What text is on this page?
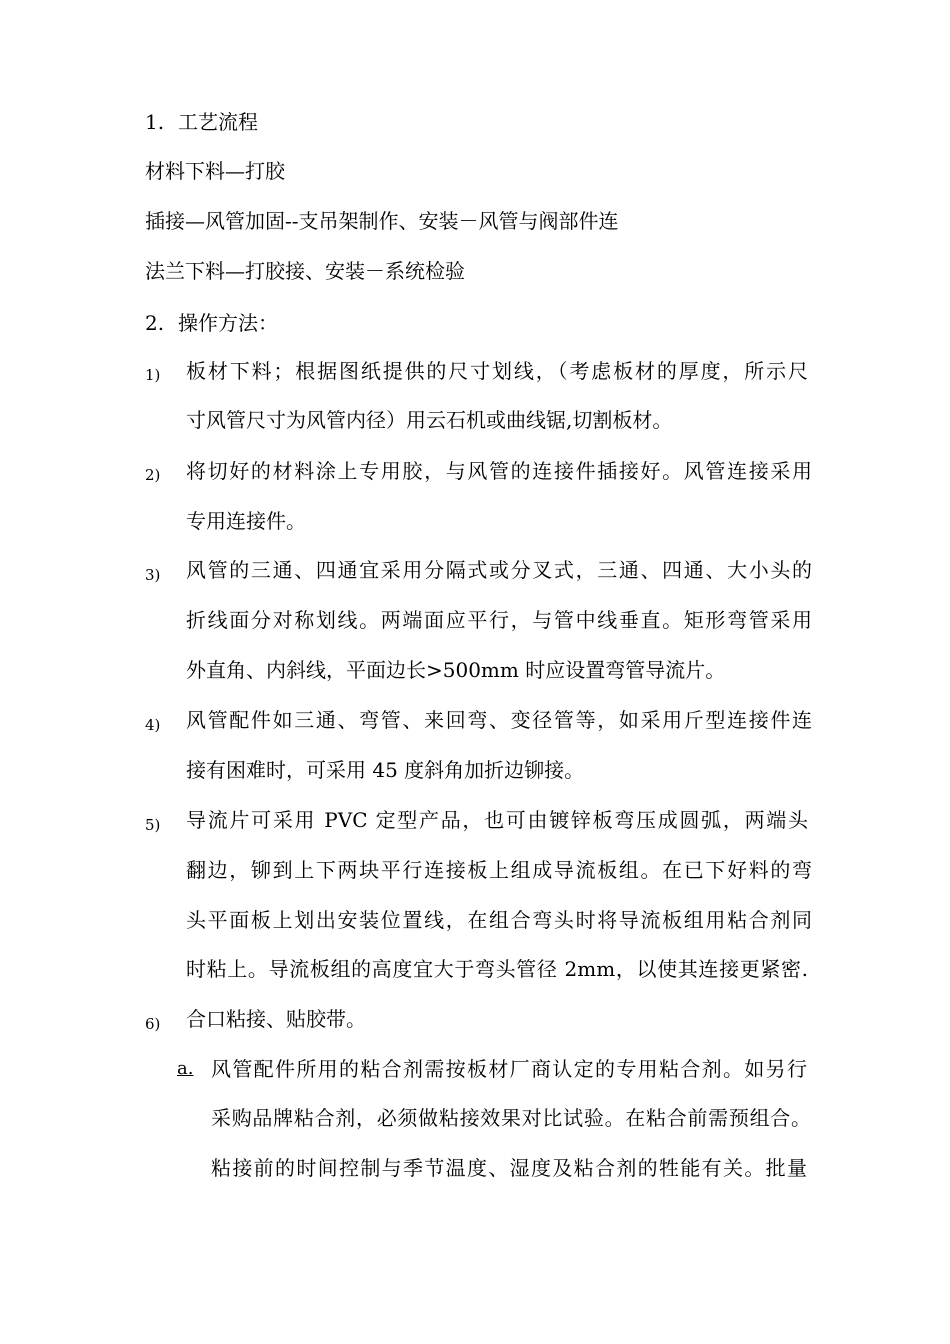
1. 工艺流程
材料下料—打胶
插接—风管加固--支吊架制作、安装－风管与阀部件连
法兰下料—打胶接、安装－系统检验
2. 操作方法：
1) 板材下料；根据图纸提供的尺寸划线，（考虑板材的厚度，所示尺
寸风管尺寸为风管内径）用云石机或曲线锯,切割板材。
2) 将切好的材料涂上专用胶，与风管的连接件插接好。风管连接采用
专用连接件。
3) 风管的三通、四通宜采用分隔式或分叉式，三通、四通、大小头的
折线面分对称划线。两端面应平行，与管中线垂直。矩形弯管采用
外直角、内斜线，平面边长>500mm 时应设置弯管导流片。
4) 风管配件如三通、弯管、来回弯、变径管等，如采用斤型连接件连
接有困难时，可采用 45 度斜角加折边铆接。
5) 导流片可采用 PVC 定型产品，也可由镀锌板弯压成圆弧，两端头
翻边，铆到上下两块平行连接板上组成导流板组。在已下好料的弯
头平面板上划出安装位置线，在组合弯头时将导流板组用粘合剂同
时粘上。导流板组的高度宜大于弯头管径 2mm，以使其连接更紧密.
6) 合口粘接、贴胶带。
a. 风管配件所用的粘合剂需按板材厂商认定的专用粘合剂。如另行
采购品牌粘合剂，必须做粘接效果对比试验。在粘合前需预组合。
粘接前的时间控制与季节温度、湿度及粘合剂的牲能有关。批量
